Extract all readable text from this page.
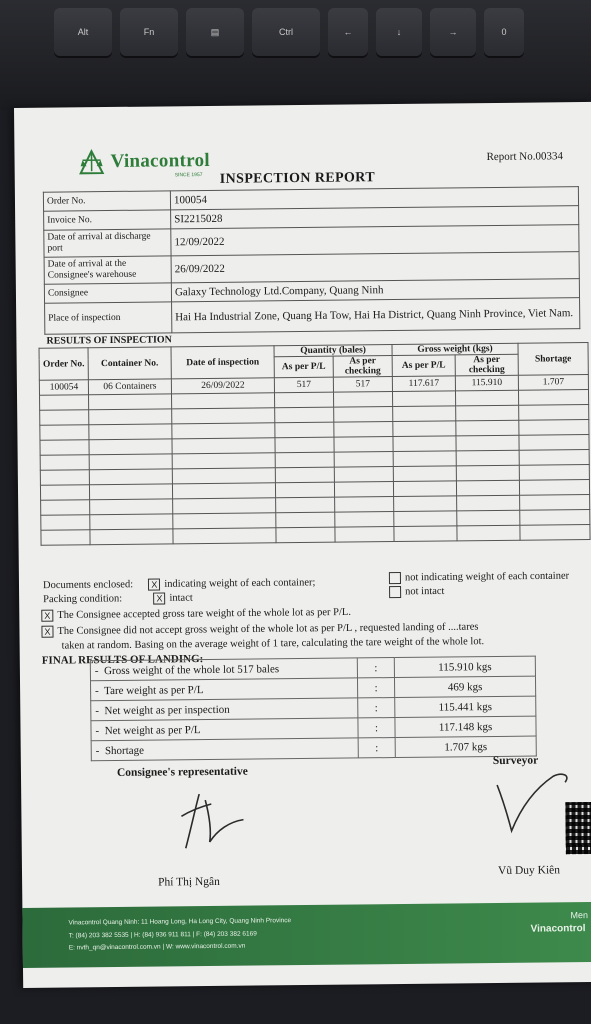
Alt	Fn	▤	Ctrl	←	↓	→	0
Vinacontrol
SINCE 1957
Report No.00334
INSPECTION REPORT
Order No.	100054
Invoice No.	SI2215028
Date of arrival at discharge port	12/09/2022
Date of arrival at the Consignee's warehouse	26/09/2022
Consignee	Galaxy Technology Ltd.Company, Quang Ninh
Place of inspection	Hai Ha Industrial Zone, Quang Ha Tow, Hai Ha District, Quang Ninh Province, Viet Nam.
RESULTS OF INSPECTION
Order No.	Container No.	Date of inspection	Quantity (bales)		Gross weight (kgs)		Shortage
			As per P/L	As per checking	As per P/L	As per checking	
100054	06 Containers	26/09/2022	517	517	117.617	115.910	1.707

Documents enclosed: X indicating weight of each container;
not indicating weight of each container
Packing condition:	X intact
not intact
X The Consignee accepted gross tare weight of the whole lot as per P/L.
X The Consignee did not accept gross weight of the whole lot as per P/L , requested landing of ....tares
taken at random. Basing on the average weight of 1 tare, calculating the tare weight of the whole lot.
FINAL RESULTS OF LANDING:
- Gross weight of the whole lot 517 bales	:	115.910 kgs
- Tare weight as per P/L	:	469 kgs
- Net weight as per inspection	:	115.441 kgs
- Net weight as per P/L	:	117.148 kgs
- Shortage	:	1.707 kgs
Consignee's representative
Surveyor
Phí Thị Ngân
Vũ Duy Kiên
Vinacontrol Quang Ninh: 11 Hoang Long, Ha Long City, Quang Ninh Province
T: (84) 203 382 5535 | H: (84) 936 911 811 | F: (84) 203 382 6169
E: nvth_qn@vinacontrol.com.vn | W: www.vinacontrol.com.vn
Men
Vinacontrol
